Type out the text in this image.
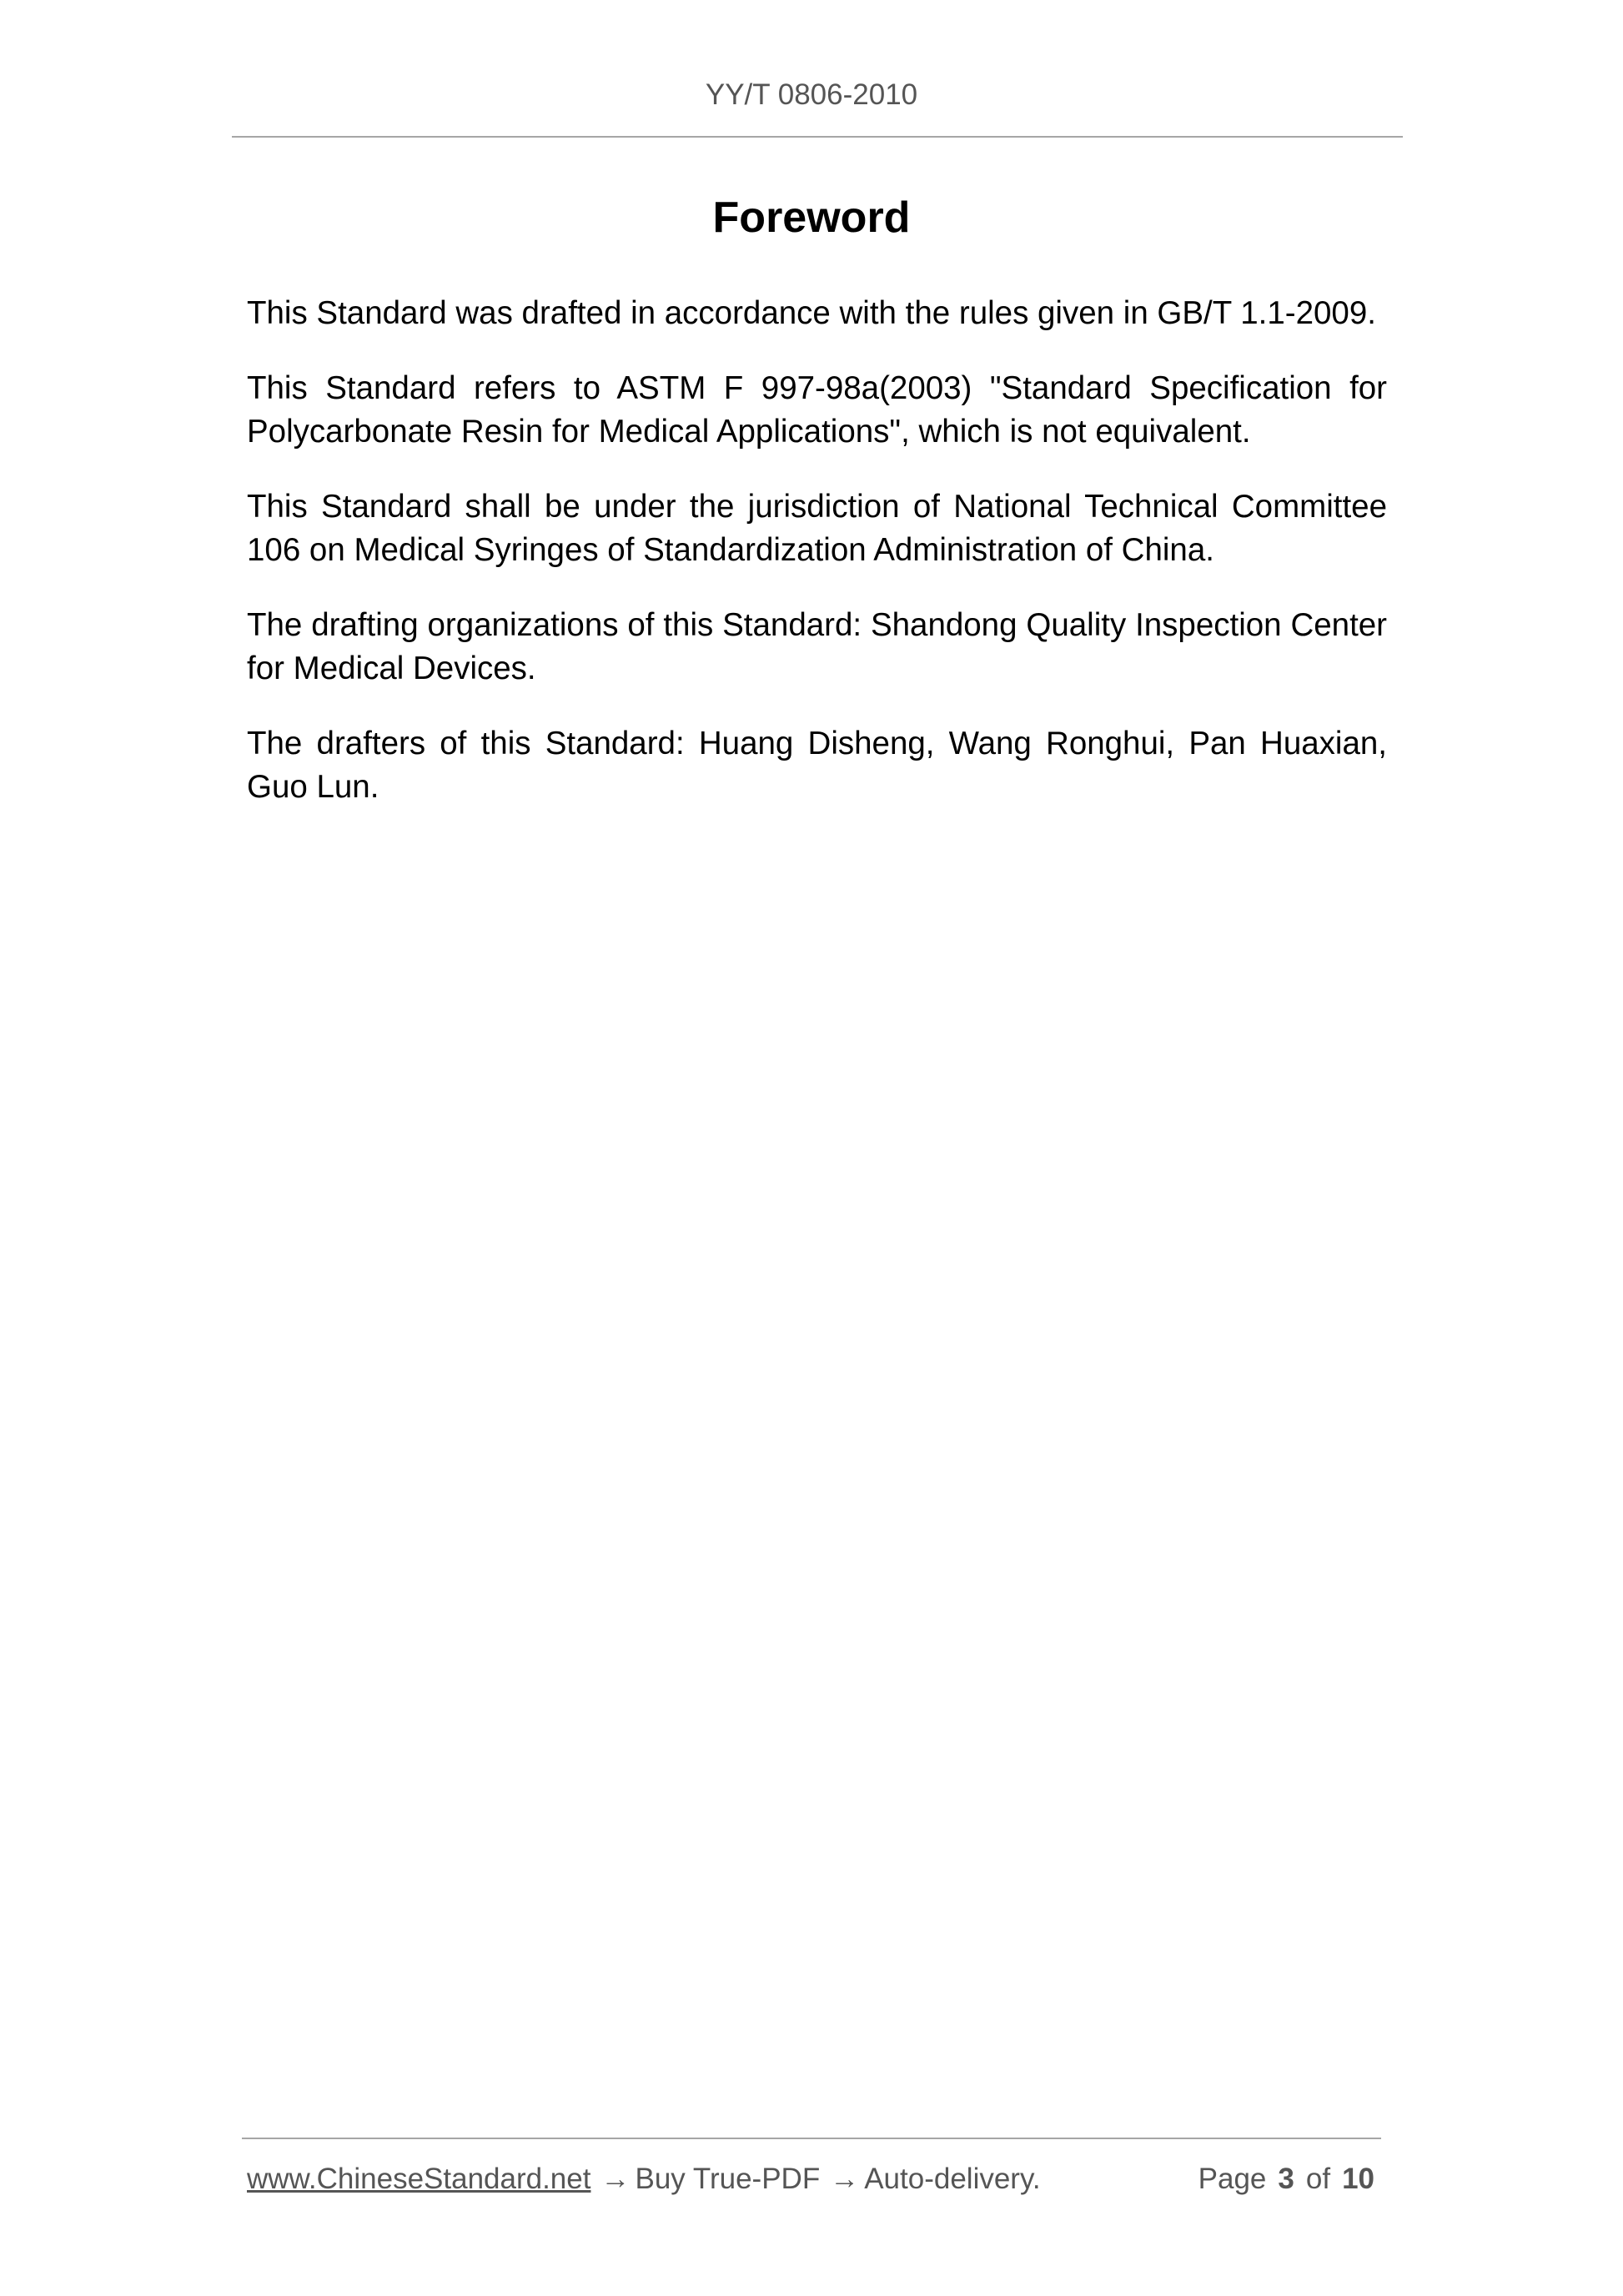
YY/T 0806-2010
Foreword

This Standard was drafted in accordance with the rules given in GB/T 1.1-2009.

This Standard refers to ASTM F 997-98a(2003) "Standard Specification for Polycarbonate Resin for Medical Applications", which is not equivalent.

This Standard shall be under the jurisdiction of National Technical Committee 106 on Medical Syringes of Standardization Administration of China.

The drafting organizations of this Standard: Shandong Quality Inspection Center for Medical Devices.

The drafters of this Standard: Huang Disheng, Wang Ronghui, Pan Huaxian, Guo Lun.

www.ChineseStandard.net → Buy True-PDF → Auto-delivery.	Page 3 of 10
